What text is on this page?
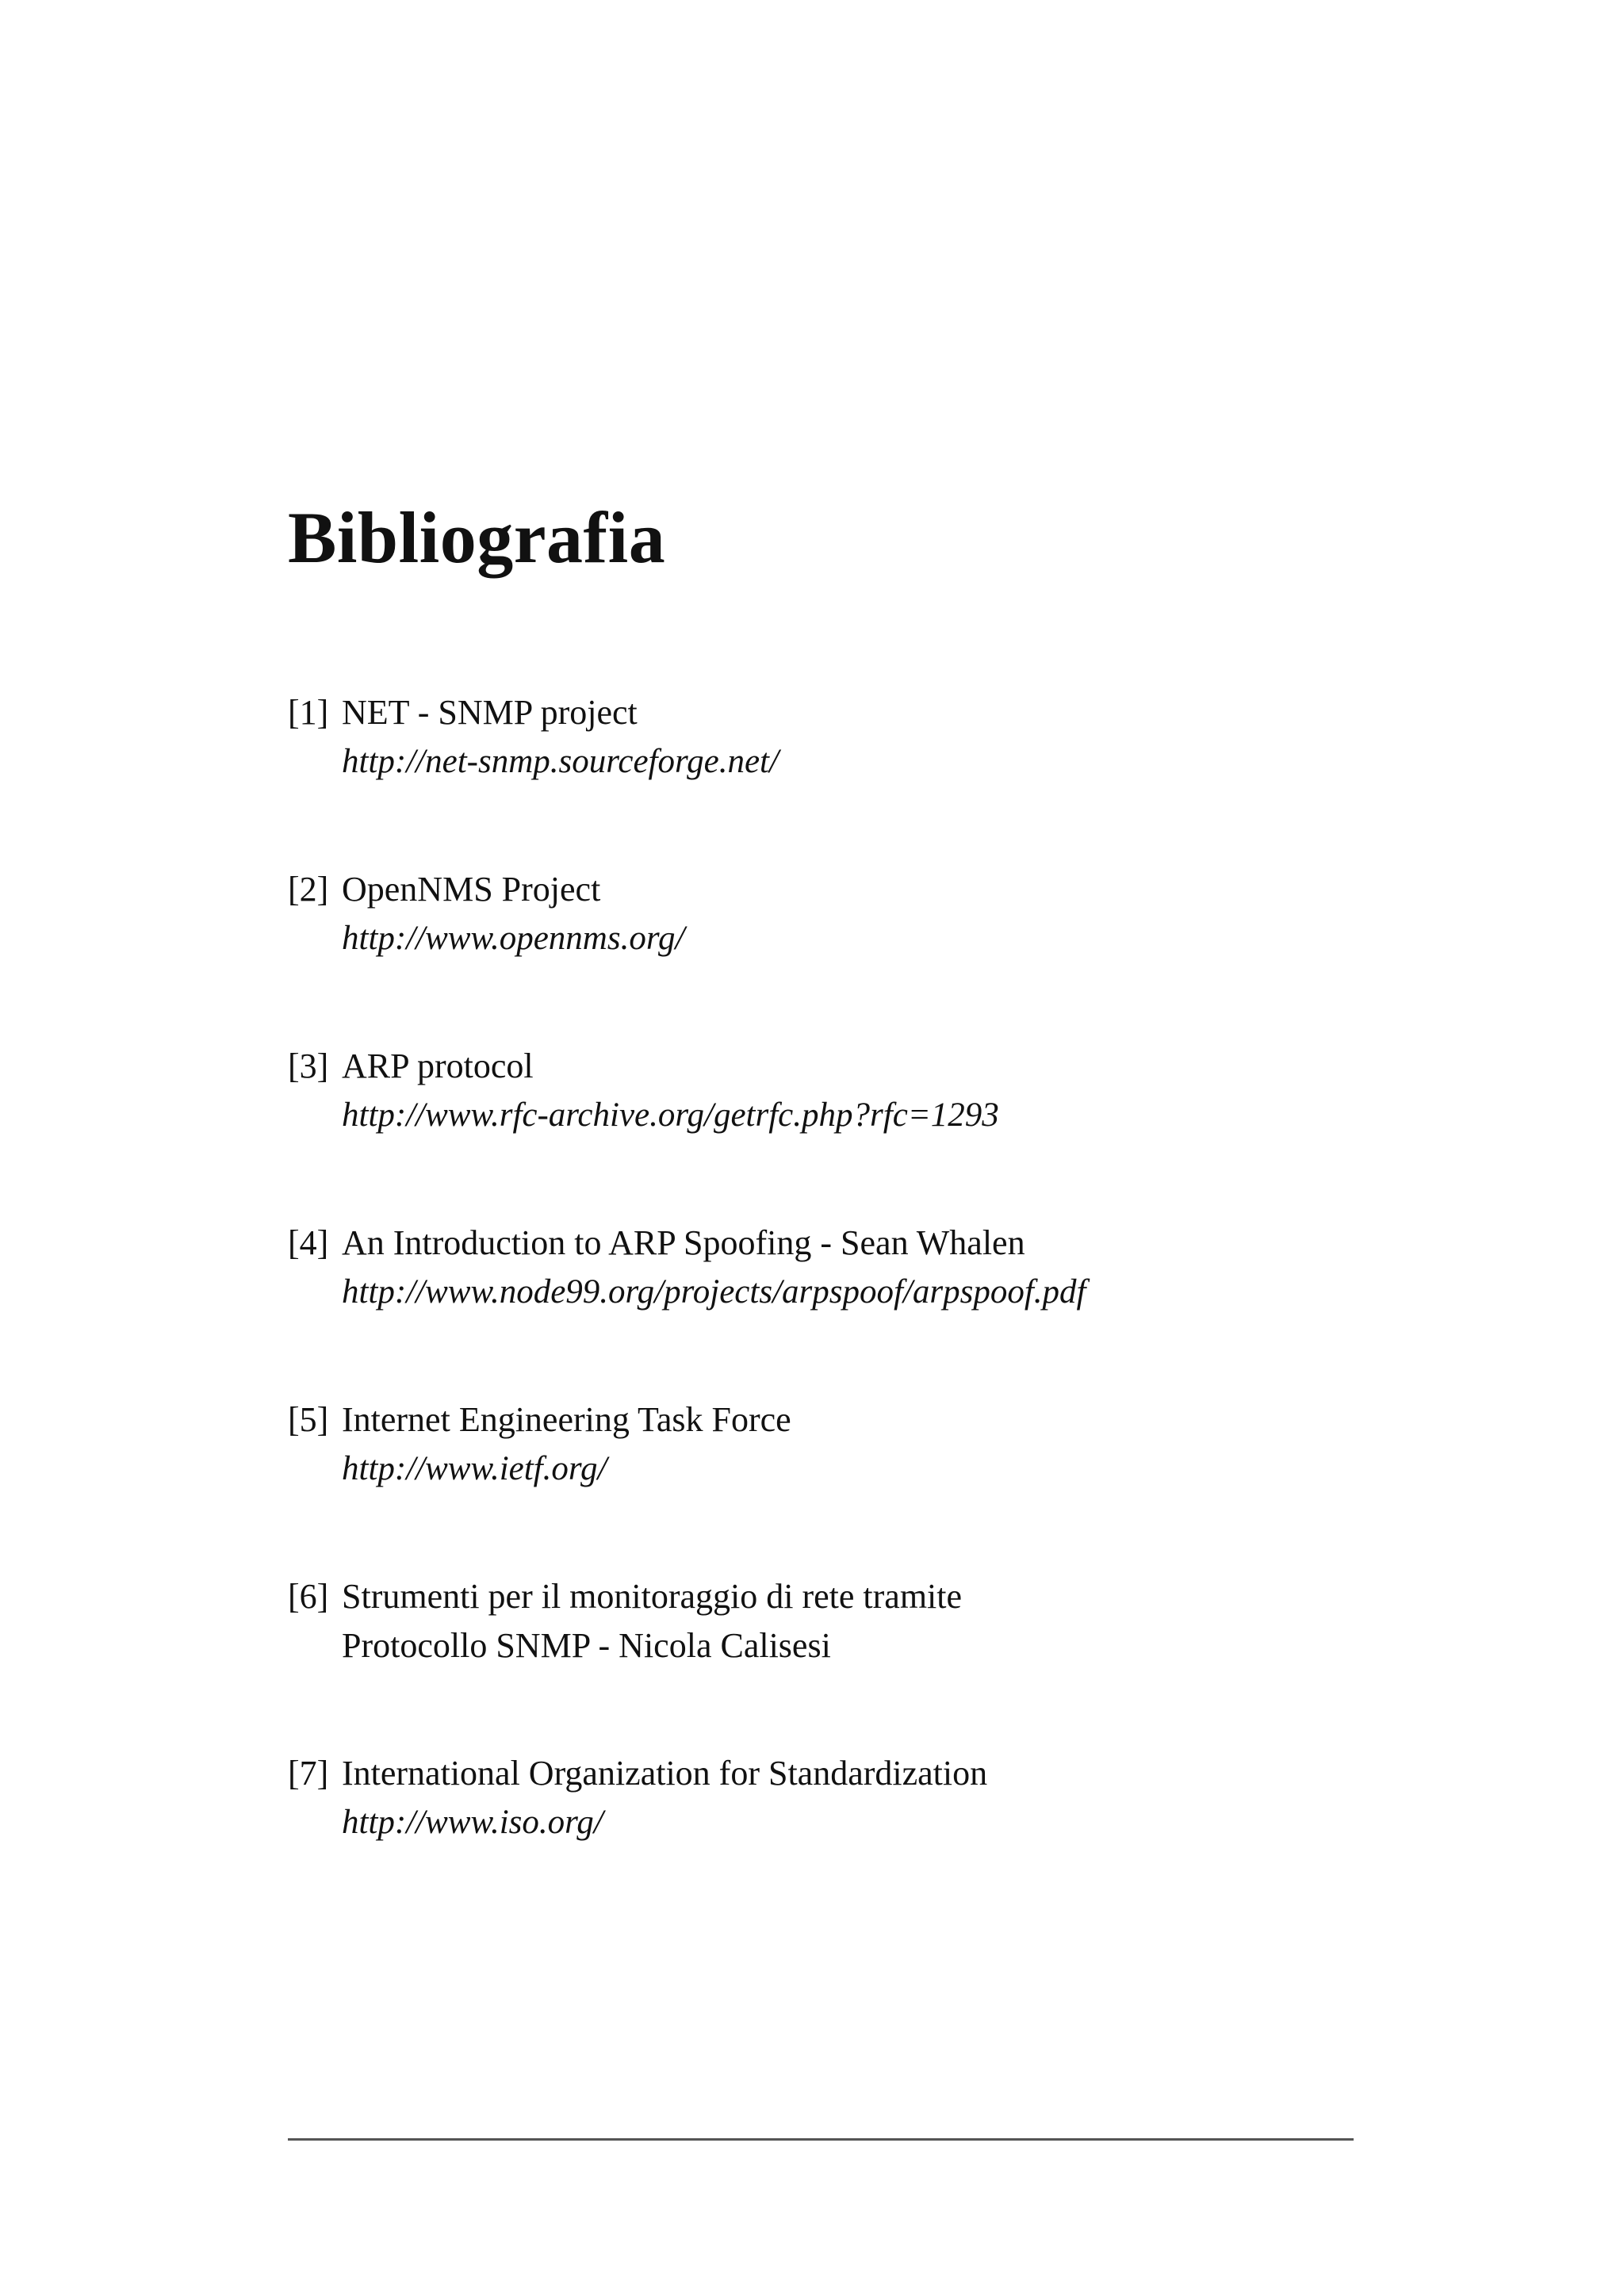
Bibliografia
[1] NET - SNMP project
http://net-snmp.sourceforge.net/
[2] OpenNMS Project
http://www.opennms.org/
[3] ARP protocol
http://www.rfc-archive.org/getrfc.php?rfc=1293
[4] An Introduction to ARP Spoofing - Sean Whalen
http://www.node99.org/projects/arpspoof/arpspoof.pdf
[5] Internet Engineering Task Force
http://www.ietf.org/
[6] Strumenti per il monitoraggio di rete tramite
Protocollo SNMP - Nicola Calisesi
[7] International Organization for Standardization
http://www.iso.org/
